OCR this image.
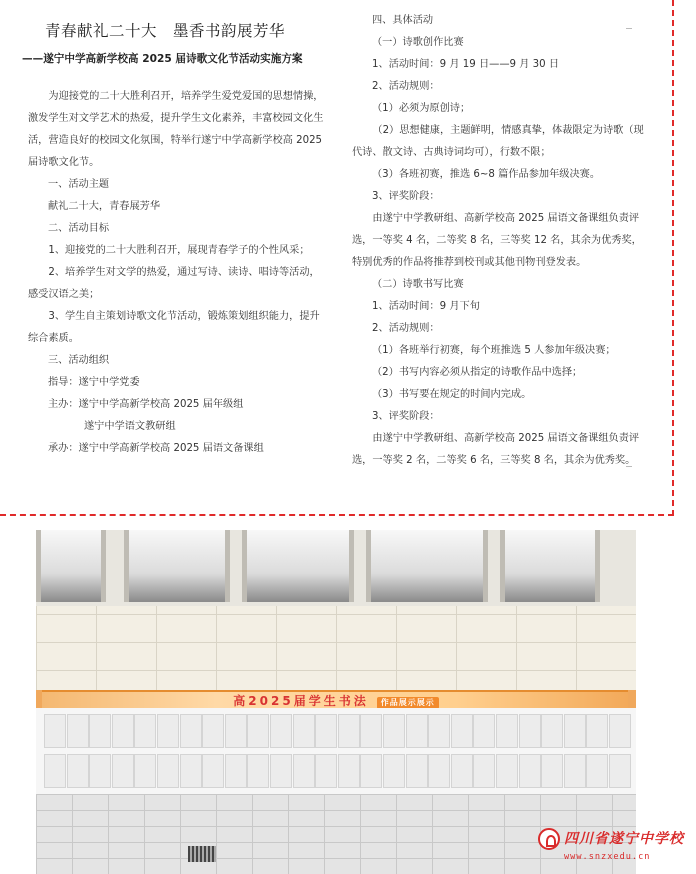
青春献礼二十大　墨香书韵展芳华
——遂宁中学高新学校高 2025 届诗歌文化节活动实施方案

为迎接党的二十大胜利召开，培养学生爱党爱国的思想情操，激发学生对文学艺术的热爱，提升学生文化素养，丰富校园文化生活，营造良好的校园文化氛围，特举行遂宁中学高新学校高 2025 届诗歌文化节。

一、活动主题

献礼二十大，青春展芳华

二、活动目标

1、迎接党的二十大胜利召开，展现青春学子的个性风采；

2、培养学生对文学的热爱，通过写诗、读诗、唱诗等活动，感受汉语之美；

3、学生自主策划诗歌文化节活动，锻炼策划组织能力，提升综合素质。

三、活动组织

指导：遂宁中学党委

主办：遂宁中学高新学校高 2025 届年级组

遂宁中学语文教研组

承办：遂宁中学高新学校高 2025 届语文备课组

四、具体活动

（一）诗歌创作比赛

1、活动时间：9 月 19 日——9 月 30 日

2、活动规则：

（1）必须为原创诗；

（2）思想健康，主题鲜明，情感真挚，体裁限定为诗歌（现代诗、散文诗、古典诗词均可），行数不限；

（3）各班初赛，推选 6~8 篇作品参加年级决赛。

3、评奖阶段：

由遂宁中学教研组、高新学校高 2025 届语文备课组负责评选，一等奖 4 名，二等奖 8 名，三等奖 12 名，其余为优秀奖，特别优秀的作品将推荐到校刊或其他刊物刊登发表。

（二）诗歌书写比赛

1、活动时间：9 月下旬

2、活动规则：

（1）各班举行初赛，每个班推选 5 人参加年级决赛；

（2）书写内容必须从指定的诗歌作品中选择；

（3）书写要在规定的时间内完成。

3、评奖阶段：

由遂宁中学教研组、高新学校高 2025 届语文备课组负责评选，一等奖 2 名，二等奖 6 名，三等奖 8 名，其余为优秀奖。

高2025届学生书法 作品展示展示
四川省遂宁中学校
www.snzxedu.cn
